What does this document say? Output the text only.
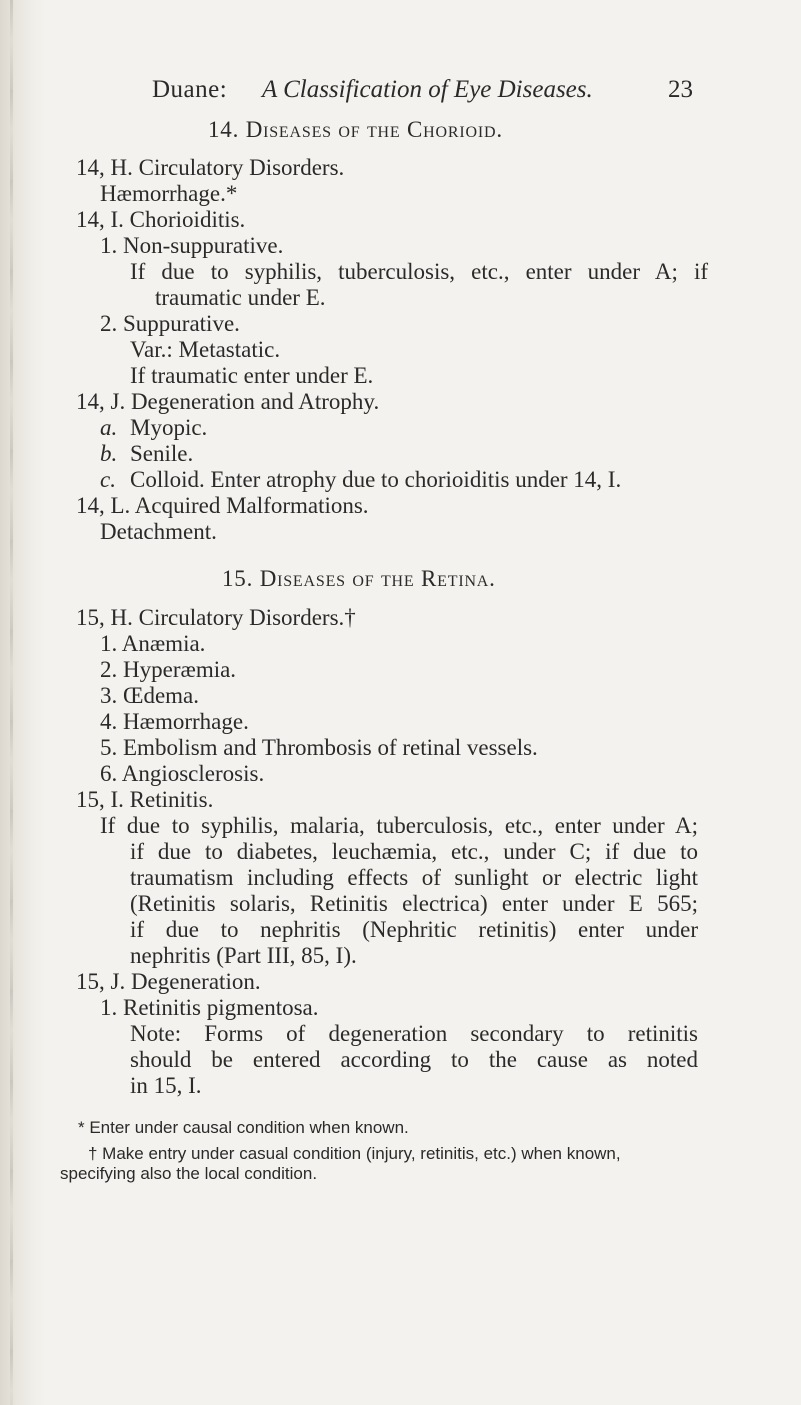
Duane: A Classification of Eye Diseases.	23
14. Diseases of the Chorioid.
14, H. Circulatory Disorders.
Hæmorrhage.*
14, I. Chorioiditis.
1. Non-suppurative.
If due to syphilis, tuberculosis, etc., enter under A; if
traumatic under E.
2. Suppurative.
Var.: Metastatic.
If traumatic enter under E.
14, J. Degeneration and Atrophy.
a. Myopic.
b. Senile.
c. Colloid. Enter atrophy due to chorioiditis under 14, I.
14, L. Acquired Malformations.
Detachment.
15. Diseases of the Retina.
15, H. Circulatory Disorders.†
1. Anæmia.
2. Hyperæmia.
3. Œdema.
4. Hæmorrhage.
5. Embolism and Thrombosis of retinal vessels.
6. Angiosclerosis.
15, I. Retinitis.
If due to syphilis, malaria, tuberculosis, etc., enter under A;
if due to diabetes, leuchæmia, etc., under C; if due to
traumatism including effects of sunlight or electric light
(Retinitis solaris, Retinitis electrica) enter under E 565;
if due to nephritis (Nephritic retinitis) enter under
nephritis (Part III, 85, I).
15, J. Degeneration.
1. Retinitis pigmentosa.
Note: Forms of degeneration secondary to retinitis
should be entered according to the cause as noted
in 15, I.
* Enter under causal condition when known.
† Make entry under casual condition (injury, retinitis, etc.) when known,
specifying also the local condition.
